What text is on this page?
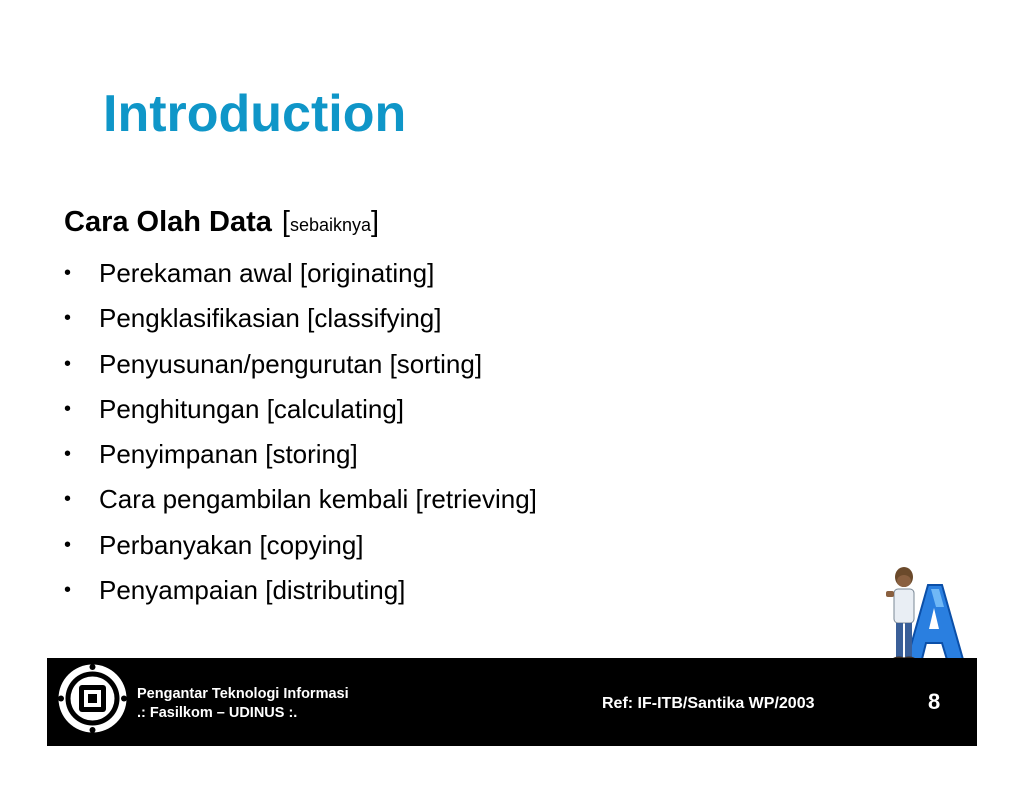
Introduction
Cara Olah Data [sebaiknya]
•	Perekaman awal [originating]
•	Pengklasifikasian [classifying]
•	Penyusunan/pengurutan [sorting]
•	Penghitungan [calculating]
•	Penyimpanan [storing]
•	Cara pengambilan kembali [retrieving]
•	Perbanyakan [copying]
•	Penyampaian [distributing]
Pengantar Teknologi Informasi
.: Fasilkom – UDINUS :.
Ref: IF-ITB/Santika WP/2003	8
